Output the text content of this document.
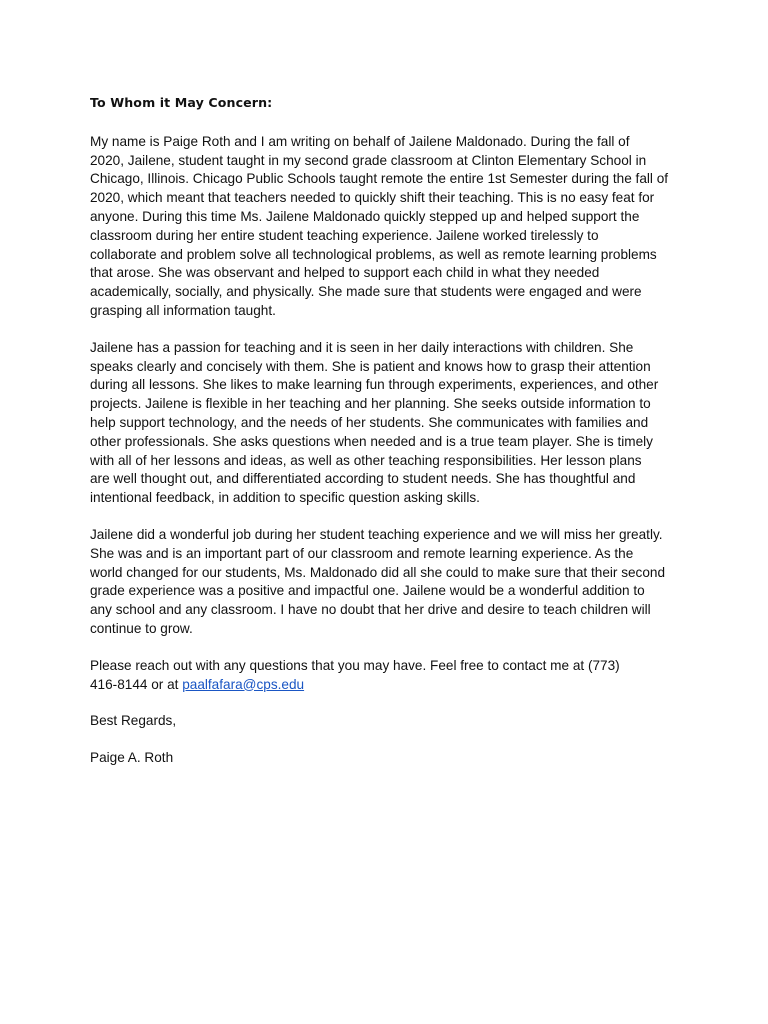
To Whom it May Concern:
My name is Paige Roth and I am writing on behalf of Jailene Maldonado. During the fall of
2020, Jailene, student taught in my second grade classroom at Clinton Elementary School in
Chicago, Illinois. Chicago Public Schools taught remote the entire 1st Semester during the fall of
2020, which meant that teachers needed to quickly shift their teaching. This is no easy feat for
anyone. During this time Ms. Jailene Maldonado quickly stepped up and helped support the
classroom during her entire student teaching experience. Jailene worked tirelessly to
collaborate and problem solve all technological problems, as well as remote learning problems
that arose. She was observant and helped to support each child in what they needed
academically, socially, and physically. She made sure that students were engaged and were
grasping all information taught.
Jailene has a passion for teaching and it is seen in her daily interactions with children. She
speaks clearly and concisely with them. She is patient and knows how to grasp their attention
during all lessons. She likes to make learning fun through experiments, experiences, and other
projects. Jailene is flexible in her teaching and her planning. She seeks outside information to
help support technology, and the needs of her students. She communicates with families and
other professionals. She asks questions when needed and is a true team player. She is timely
with all of her lessons and ideas, as well as other teaching responsibilities. Her lesson plans
are well thought out, and differentiated according to student needs. She has thoughtful and
intentional feedback, in addition to specific question asking skills.
Jailene did a wonderful job during her student teaching experience and we will miss her greatly.
She was and is an important part of our classroom and remote learning experience. As the
world changed for our students, Ms. Maldonado did all she could to make sure that their second
grade experience was a positive and impactful one. Jailene would be a wonderful addition to
any school and any classroom. I have no doubt that her drive and desire to teach children will
continue to grow.
Please reach out with any questions that you may have. Feel free to contact me at (773)
416-8144 or at paalfafara@cps.edu
Best Regards,
Paige A. Roth
